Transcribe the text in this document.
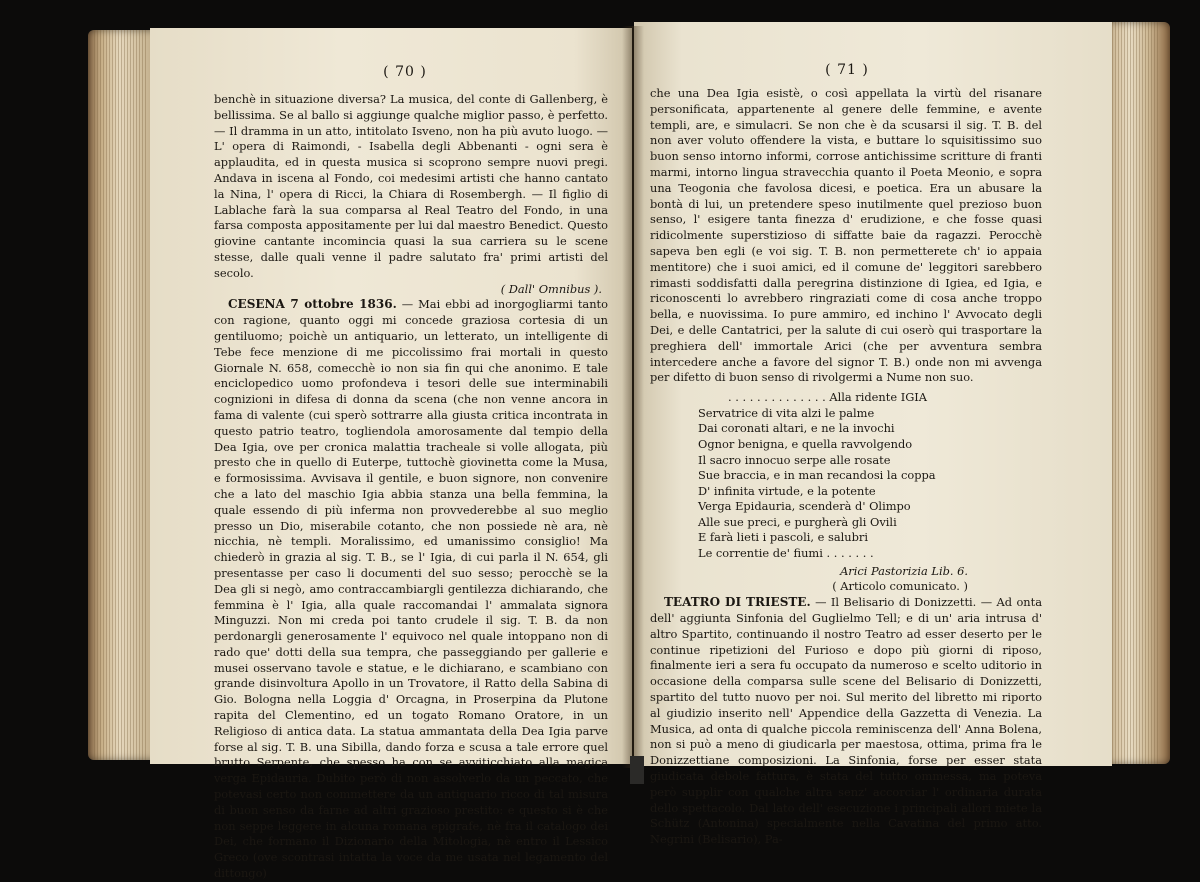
( 70 )

benchè in situazione diversa? La musica, del conte di Gallenberg, è bellissima. Se al ballo si aggiunge qualche miglior passo, è perfetto. — Il dramma in un atto, intitolato Isveno, non ha più avuto luogo. — L' opera di Raimondi, - Isabella degli Abbenanti - ogni sera è applaudita, ed in questa musica si scoprono sempre nuovi pregi. Andava in iscena al Fondo, coi medesimi artisti che hanno cantato la Nina, l' opera di Ricci, la Chiara di Rosembergh. — Il figlio di Lablache farà la sua comparsa al Real Teatro del Fondo, in una farsa composta appositamente per lui dal maestro Benedict. Questo giovine cantante incomincia quasi la sua carriera su le scene stesse, dalle quali venne il padre salutato fra' primi artisti del secolo.

( Dall' Omnibus ).

CESENA 7 ottobre 1836. — Mai ebbi ad inorgogliarmi tanto con ragione, quanto oggi mi concede graziosa cortesia di un gentiluomo; poichè un antiquario, un letterato, un intelligente di Tebe fece menzione di me piccolissimo frai mortali in questo Giornale N. 658, comecchè io non sia fin qui che anonimo. E tale enciclopedico uomo profondeva i tesori delle sue interminabili cognizioni in difesa di donna da scena (che non venne ancora in fama di valente (cui sperò sottrarre alla giusta critica incontrata in questo patrio teatro, togliendola amorosamente dal tempio della Dea Igia, ove per cronica malattia tracheale si volle allogata, più presto che in quello di Euterpe, tuttochè giovinetta come la Musa, e formosissima. Avvisava il gentile, e buon signore, non convenire che a lato del maschio Igia abbia stanza una bella femmina, la quale essendo di più inferma non provvederebbe al suo meglio presso un Dio, miserabile cotanto, che non possiede nè ara, nè nicchia, nè templi. Moralissimo, ed umanissimo consiglio! Ma chiederò in grazia al sig. T. B., se l' Igia, di cui parla il N. 654, gli presentasse per caso li documenti del suo sesso; perocchè se la Dea gli si negò, amo contraccambiargli gentilezza dichiarando, che femmina è l' Igia, alla quale raccomandai l' ammalata signora Minguzzi. Non mi creda poi tanto crudele il sig. T. B. da non perdonargli generosamente l' equivoco nel quale intoppano non di rado que' dotti della sua tempra, che passeggiando per gallerie e musei osservano tavole e statue, e le dichiarano, e scambiano con grande disinvoltura Apollo in un Trovatore, il Ratto della Sabina di Gio. Bologna nella Loggia d' Orcagna, in Proserpina da Plutone rapita del Clementino, ed un togato Romano Oratore, in un Religioso di antica data. La statua ammantata della Dea Igia parve forse al sig. T. B. una Sibilla, dando forza e scusa a tale errore quel brutto Serpente, che spesso ha con se avviticchiato alla magica verga Epidauria. Dubito però di non assolverlo da un peccato, che potevasi certo non commettere da un antiquario ricco di tal misura di buon senso da farne ad altri grazioso prestito: e questo si è che non seppe leggere in alcuna romana epigrafe, nè fra il catalogo dei Dei, che formano il Dizionario della Mitologia, nè entro il Lessico Greco (ove scontrasi intatta la voce da me usata nel legamento del dittongo)

( 71 )

che una Dea Igia esistè, o così appellata la virtù del risanare personificata, appartenente al genere delle femmine, e avente templi, are, e simulacri. Se non che è da scusarsi il sig. T. B. del non aver voluto offendere la vista, e buttare lo squisitissimo suo buon senso intorno informi, corrose antichissime scritture di franti marmi, intorno lingua stravecchia quanto il Poeta Meonio, e sopra una Teogonia che favolosa dicesi, e poetica. Era un abusare la bontà di lui, un pretendere speso inutilmente quel prezioso buon senso, l' esigere tanta finezza d' erudizione, e che fosse quasi ridicolmente superstizioso di siffatte baie da ragazzi. Perocchè sapeva ben egli (e voi sig. T. B. non permetterete ch' io appaia mentitore) che i suoi amici, ed il comune de' leggitori sarebbero rimasti soddisfatti dalla peregrina distinzione di Igiea, ed Igia, e riconoscenti lo avrebbero ringraziati come di cosa anche troppo bella, e nuovissima. Io pure ammiro, ed inchino l' Avvocato degli Dei, e delle Cantatrici, per la salute di cui oserò qui trasportare la preghiera dell' immortale Arici (che per avventura sembra intercedere anche a favore del signor T. B.) onde non mi avvenga per difetto di buon senso di rivolgermi a Nume non suo.

. . . . . . . . . . . . . . Alla ridente IGIA
Servatrice di vita alzi le palme
Dai coronati altari, e ne la invochi
Ognor benigna, e quella ravvolgendo
Il sacro innocuo serpe alle rosate
Sue braccia, e in man recandosi la coppa
D' infinita virtude, e la potente
Verga Epidauria, scenderà d' Olimpo
Alle sue preci, e purgherà gli Ovili
E farà lieti i pascoli, e salubri
Le correntie de' fiumi . . . . . . .

Arici Pastorizia Lib. 6.

( Articolo comunicato. )

TEATRO DI TRIESTE. — Il Belisario di Donizzetti. — Ad onta dell' aggiunta Sinfonia del Guglielmo Tell; e di un' aria intrusa d' altro Spartito, continuando il nostro Teatro ad esser deserto per le continue ripetizioni del Furioso e dopo più giorni di riposo, finalmente ieri a sera fu occupato da numeroso e scelto uditorio in occasione della comparsa sulle scene del Belisario di Donizzetti, spartito del tutto nuovo per noi. Sul merito del libretto mi riporto al giudizio inserito nell' Appendice della Gazzetta di Venezia. La Musica, ad onta di qualche piccola reminiscenza dell' Anna Bolena, non si può a meno di giudicarla per maestosa, ottima, prima fra le Donizzettiane composizioni. La Sinfonia, forse per esser stata giudicata debole fattura, è stata del tutto ommessa, ma poteva però supplir con qualche altra senz' accorciar l' ordinaria durata dello spettacolo. Dal lato dell' esecuzione i principali allori miete la Schütz (Antonina) specialmente nella Cavatina del primo atto. Negrini (Belisario), Pa-
